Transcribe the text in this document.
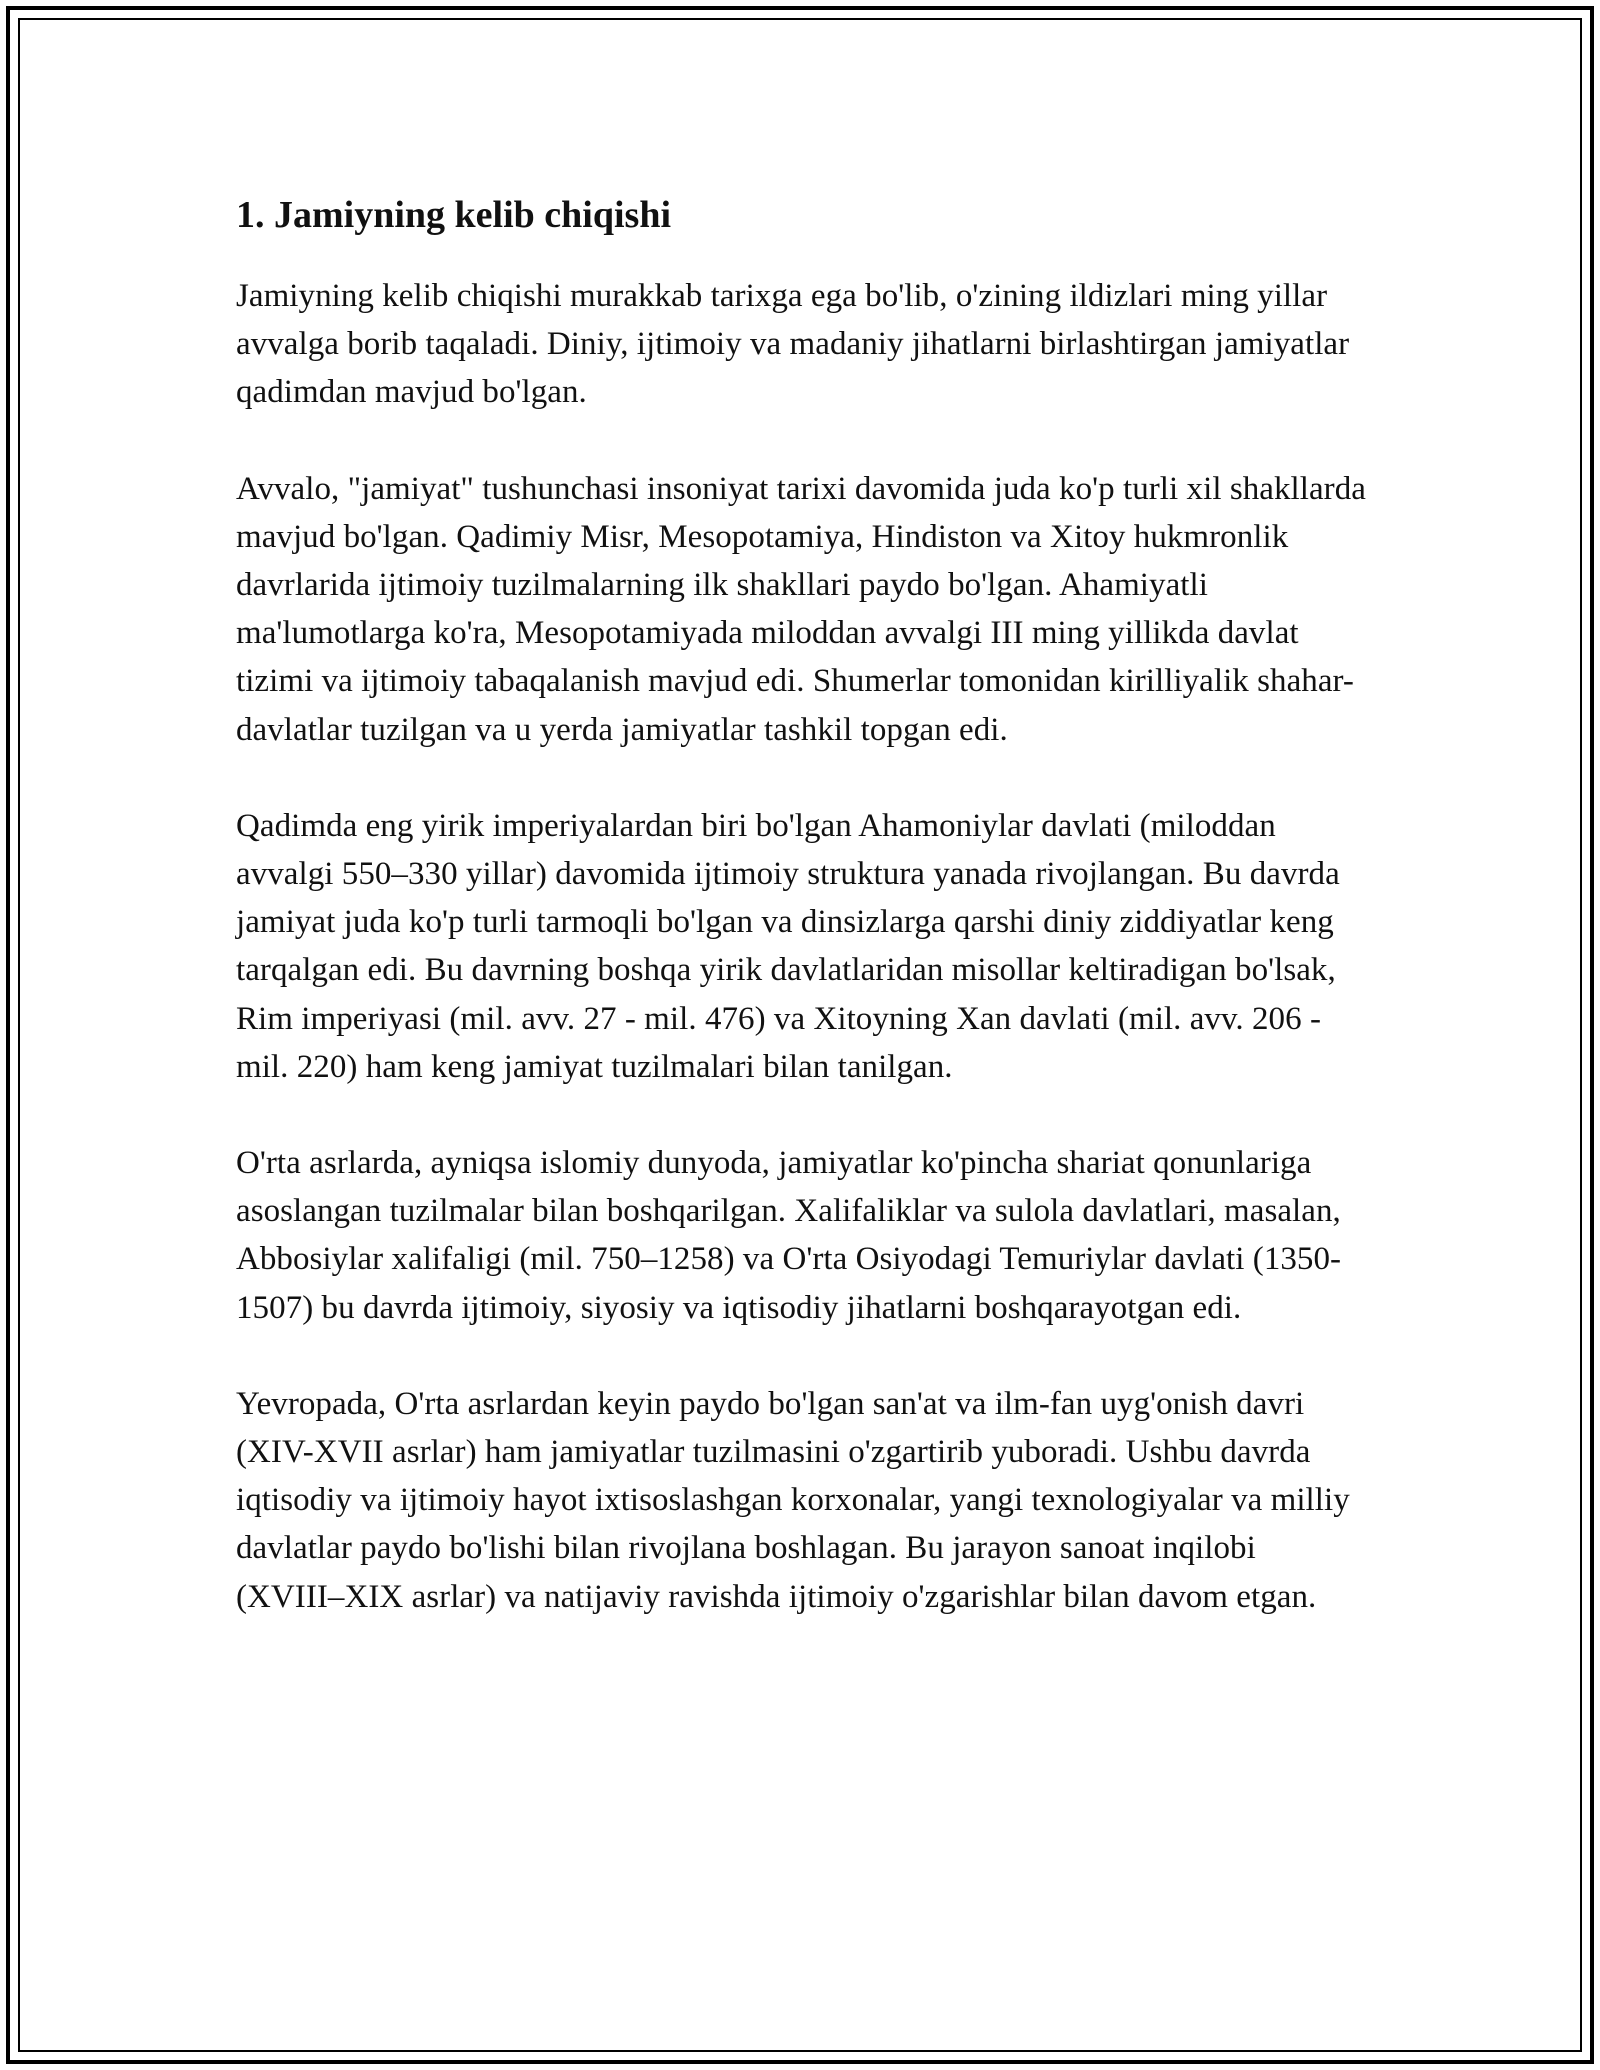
1. Jamiyning kelib chiqishi

Jamiyning kelib chiqishi murakkab tarixga ega bo'lib, o'zining ildizlari ming yillar avvalga borib taqaladi. Diniy, ijtimoiy va madaniy jihatlarni birlashtirgan jamiyatlar qadimdan mavjud bo'lgan.

Avvalo, "jamiyat" tushunchasi insoniyat tarixi davomida juda ko'p turli xil shakllarda mavjud bo'lgan. Qadimiy Misr, Mesopotamiya, Hindiston va Xitoy hukmronlik davrlarida ijtimoiy tuzilmalarning ilk shakllari paydo bo'lgan. Ahamiyatli ma'lumotlarga ko'ra, Mesopotamiyada miloddan avvalgi III ming yillikda davlat tizimi va ijtimoiy tabaqalanish mavjud edi. Shumerlar tomonidan kirilliyalik shahar-davlatlar tuzilgan va u yerda jamiyatlar tashkil topgan edi.

Qadimda eng yirik imperiyalardan biri bo'lgan Ahamoniylar davlati (miloddan avvalgi 550–330 yillar) davomida ijtimoiy struktura yanada rivojlangan. Bu davrda jamiyat juda ko'p turli tarmoqli bo'lgan va dinsizlarga qarshi diniy ziddiyatlar keng tarqalgan edi. Bu davrning boshqa yirik davlatlaridan misollar keltiradigan bo'lsak, Rim imperiyasi (mil. avv. 27 - mil. 476) va Xitoyning Xan davlati (mil. avv. 206 - mil. 220) ham keng jamiyat tuzilmalari bilan tanilgan.

O'rta asrlarda, ayniqsa islomiy dunyoda, jamiyatlar ko'pincha shariat qonunlariga asoslangan tuzilmalar bilan boshqarilgan. Xalifaliklar va sulola davlatlari, masalan, Abbosiylar xalifaligi (mil. 750–1258) va O'rta Osiyodagi Temuriylar davlati (1350-1507) bu davrda ijtimoiy, siyosiy va iqtisodiy jihatlarni boshqarayotgan edi.

Yevropada, O'rta asrlardan keyin paydo bo'lgan san'at va ilm-fan uyg'onish davri (XIV-XVII asrlar) ham jamiyatlar tuzilmasini o'zgartirib yuboradi. Ushbu davrda iqtisodiy va ijtimoiy hayot ixtisoslashgan korxonalar, yangi texnologiyalar va milliy davlatlar paydo bo'lishi bilan rivojlana boshlagan. Bu jarayon sanoat inqilobi (XVIII–XIX asrlar) va natijaviy ravishda ijtimoiy o'zgarishlar bilan davom etgan.
